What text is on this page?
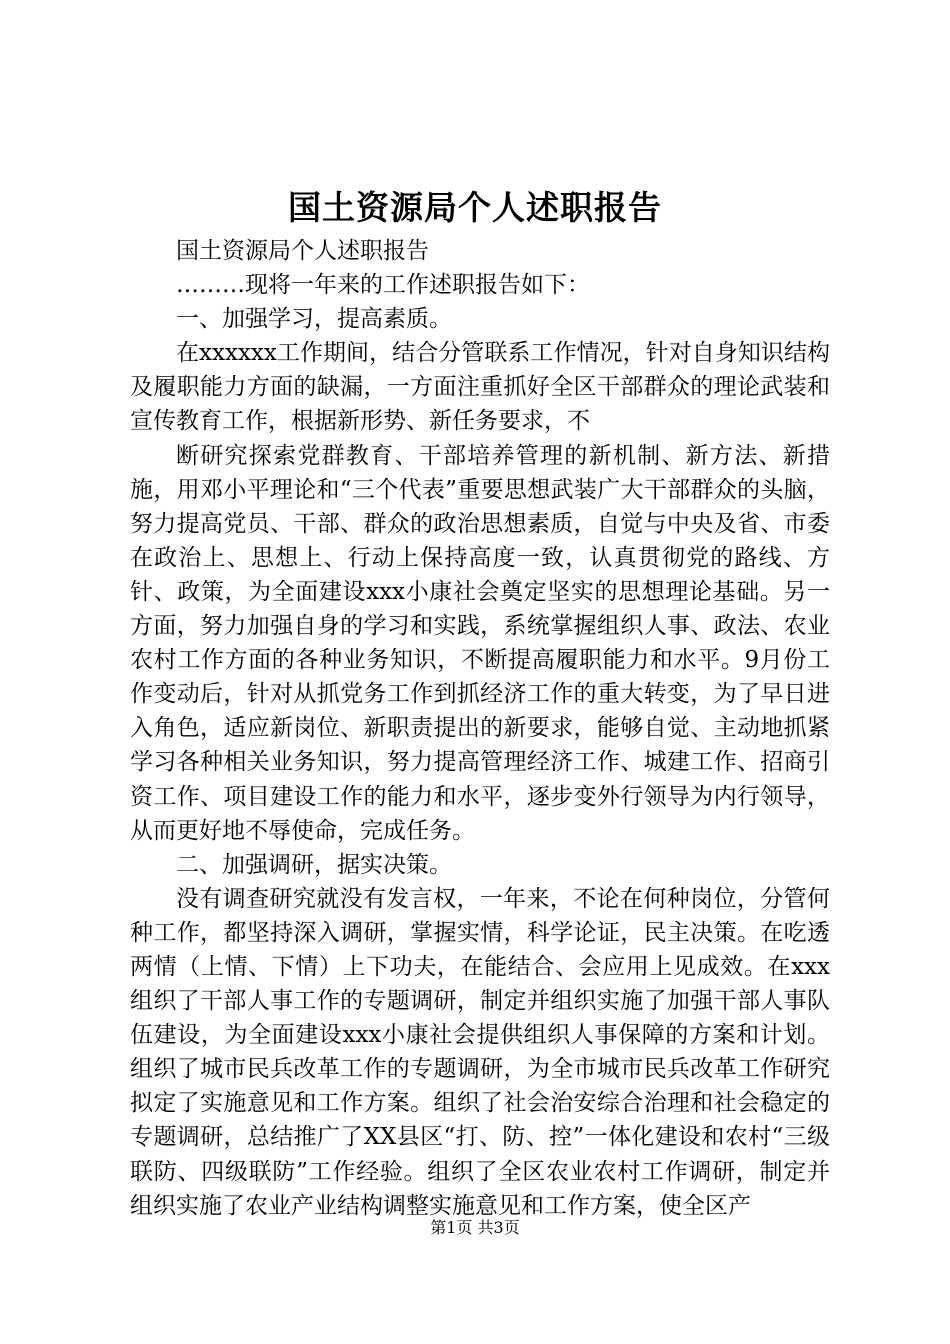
国土资源局个人述职报告

国土资源局个人述职报告

………现将一年来的工作述职报告如下：

一、加强学习，提高素质。

在xxxxxx工作期间，结合分管联系工作情况，针对自身知识结构及履职能力方面的缺漏，一方面注重抓好全区干部群众的理论武装和宣传教育工作，根据新形势、新任务要求，不

断研究探索党群教育、干部培养管理的新机制、新方法、新措施，用邓小平理论和“三个代表”重要思想武装广大干部群众的头脑，努力提高党员、干部、群众的政治思想素质，自觉与中央及省、市委在政治上、思想上、行动上保持高度一致，认真贯彻党的路线、方针、政策，为全面建设xxx小康社会奠定坚实的思想理论基础。另一方面，努力加强自身的学习和实践，系统掌握组织人事、政法、农业农村工作方面的各种业务知识，不断提高履职能力和水平。9月份工作变动后，针对从抓党务工作到抓经济工作的重大转变，为了早日进入角色，适应新岗位、新职责提出的新要求，能够自觉、主动地抓紧学习各种相关业务知识，努力提高管理经济工作、城建工作、招商引资工作、项目建设工作的能力和水平，逐步变外行领导为内行领导，从而更好地不辱使命，完成任务。

二、加强调研，据实决策。

没有调查研究就没有发言权，一年来，不论在何种岗位，分管何种工作，都坚持深入调研，掌握实情，科学论证，民主决策。在吃透两情（上情、下情）上下功夫，在能结合、会应用上见成效。在xxx组织了干部人事工作的专题调研，制定并组织实施了加强干部人事队伍建设，为全面建设xxx小康社会提供组织人事保障的方案和计划。组织了城市民兵改革工作的专题调研，为全市城市民兵改革工作研究拟定了实施意见和工作方案。组织了社会治安综合治理和社会稳定的专题调研，总结推广了XX县区“打、防、控”一体化建设和农村“三级联防、四级联防”工作经验。组织了全区农业农村工作调研，制定并组织实施了农业产业结构调整实施意见和工作方案，使全区产

第1页 共3页
